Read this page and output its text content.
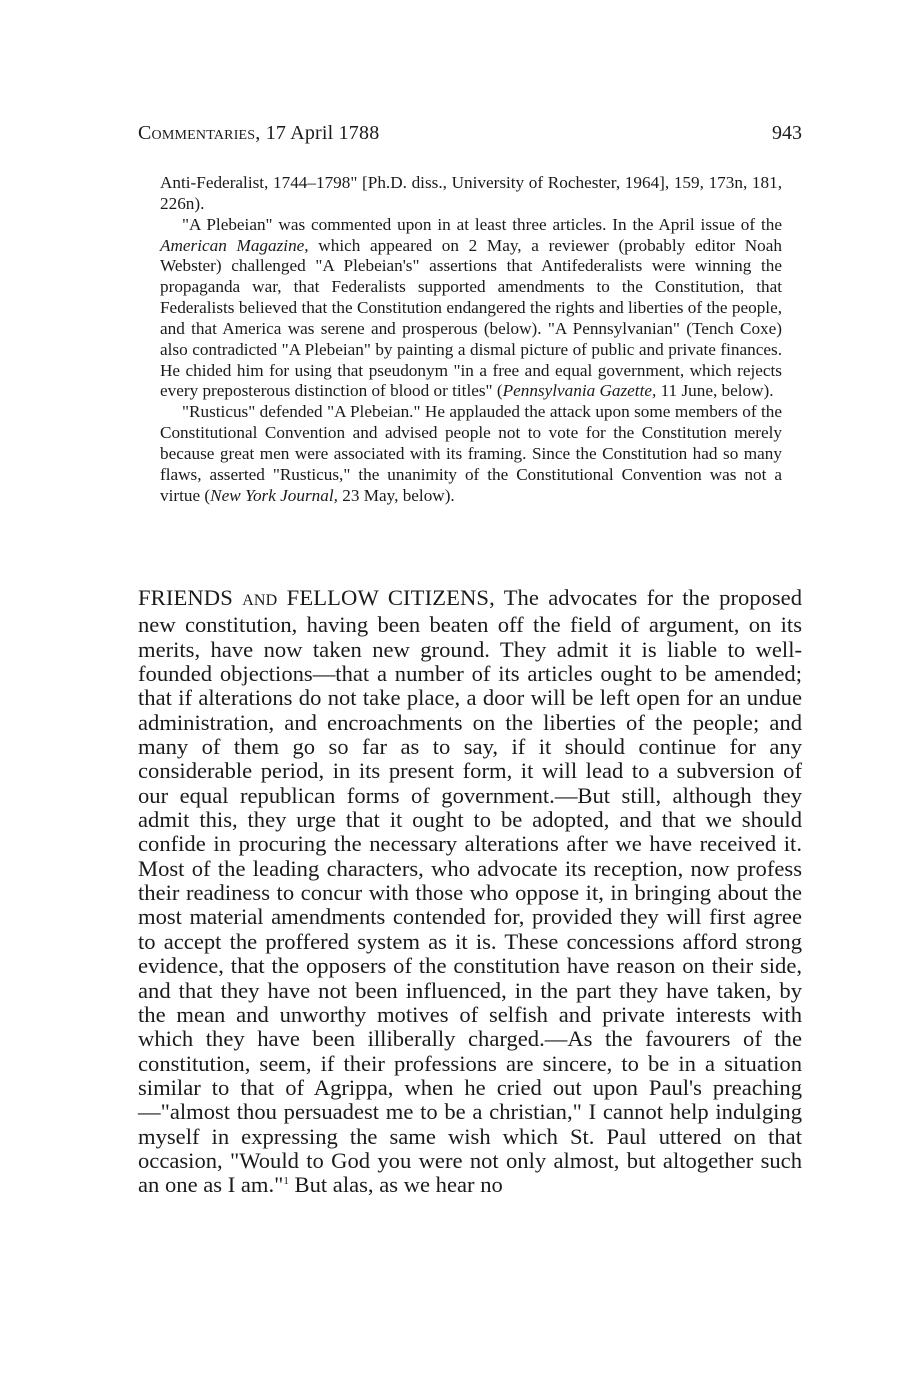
Commentaries, 17 April 1788	943

Anti-Federalist, 1744–1798" [Ph.D. diss., University of Rochester, 1964], 159, 173n, 181, 226n).

"A Plebeian" was commented upon in at least three articles. In the April issue of the American Magazine, which appeared on 2 May, a reviewer (probably editor Noah Webster) challenged "A Plebeian's" assertions that Antifederalists were winning the propaganda war, that Federalists supported amendments to the Constitution, that Federalists believed that the Constitution endangered the rights and liberties of the people, and that America was serene and prosperous (below). "A Pennsylvanian" (Tench Coxe) also contradicted "A Plebeian" by painting a dismal picture of public and private finances. He chided him for using that pseudonym "in a free and equal government, which rejects every preposterous distinction of blood or titles" (Pennsylvania Gazette, 11 June, below).

"Rusticus" defended "A Plebeian." He applauded the attack upon some members of the Constitutional Convention and advised people not to vote for the Constitution merely because great men were associated with its framing. Since the Constitution had so many flaws, asserted "Rusticus," the unanimity of the Constitutional Convention was not a virtue (New York Journal, 23 May, below).

FRIENDS AND FELLOW CITIZENS, The advocates for the proposed new constitution, having been beaten off the field of argument, on its merits, have now taken new ground. They admit it is liable to well-founded objections—that a number of its articles ought to be amended; that if alterations do not take place, a door will be left open for an undue administration, and encroachments on the liberties of the people; and many of them go so far as to say, if it should continue for any considerable period, in its present form, it will lead to a subversion of our equal republican forms of government.—But still, although they admit this, they urge that it ought to be adopted, and that we should confide in procuring the necessary alterations after we have received it. Most of the leading characters, who advocate its reception, now profess their readiness to concur with those who oppose it, in bringing about the most material amendments contended for, provided they will first agree to accept the proffered system as it is. These concessions afford strong evidence, that the opposers of the constitution have reason on their side, and that they have not been influenced, in the part they have taken, by the mean and unworthy motives of selfish and private interests with which they have been illiberally charged.—As the favourers of the constitution, seem, if their professions are sincere, to be in a situation similar to that of Agrippa, when he cried out upon Paul's preaching—"almost thou persuadest me to be a christian," I cannot help indulging myself in expressing the same wish which St. Paul uttered on that occasion, "Would to God you were not only almost, but altogether such an one as I am."$^1$ But alas, as we hear no
